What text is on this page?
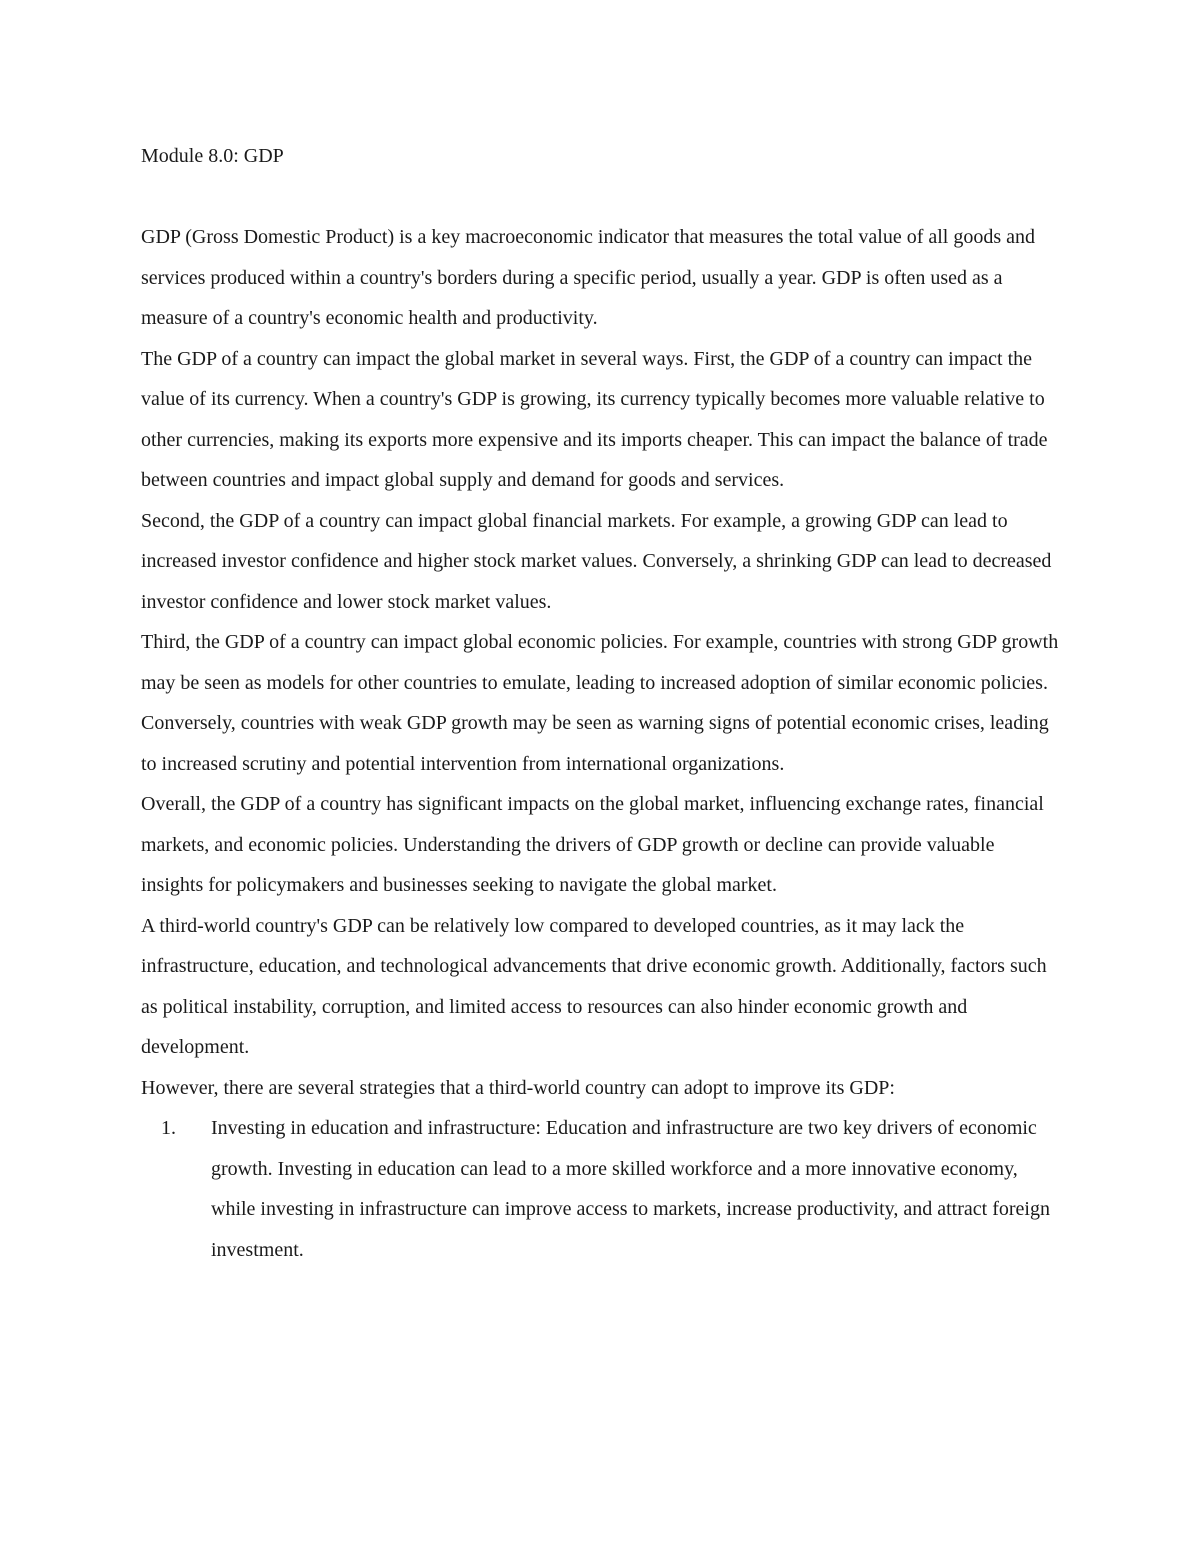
Module 8.0: GDP

GDP (Gross Domestic Product) is a key macroeconomic indicator that measures the total value of all goods and services produced within a country's borders during a specific period, usually a year. GDP is often used as a measure of a country's economic health and productivity.

The GDP of a country can impact the global market in several ways. First, the GDP of a country can impact the value of its currency. When a country's GDP is growing, its currency typically becomes more valuable relative to other currencies, making its exports more expensive and its imports cheaper. This can impact the balance of trade between countries and impact global supply and demand for goods and services.

Second, the GDP of a country can impact global financial markets. For example, a growing GDP can lead to increased investor confidence and higher stock market values. Conversely, a shrinking GDP can lead to decreased investor confidence and lower stock market values.

Third, the GDP of a country can impact global economic policies. For example, countries with strong GDP growth may be seen as models for other countries to emulate, leading to increased adoption of similar economic policies. Conversely, countries with weak GDP growth may be seen as warning signs of potential economic crises, leading to increased scrutiny and potential intervention from international organizations.

Overall, the GDP of a country has significant impacts on the global market, influencing exchange rates, financial markets, and economic policies. Understanding the drivers of GDP growth or decline can provide valuable insights for policymakers and businesses seeking to navigate the global market.

A third-world country's GDP can be relatively low compared to developed countries, as it may lack the infrastructure, education, and technological advancements that drive economic growth. Additionally, factors such as political instability, corruption, and limited access to resources can also hinder economic growth and development.

However, there are several strategies that a third-world country can adopt to improve its GDP:

1. Investing in education and infrastructure: Education and infrastructure are two key drivers of economic growth. Investing in education can lead to a more skilled workforce and a more innovative economy, while investing in infrastructure can improve access to markets, increase productivity, and attract foreign investment.
